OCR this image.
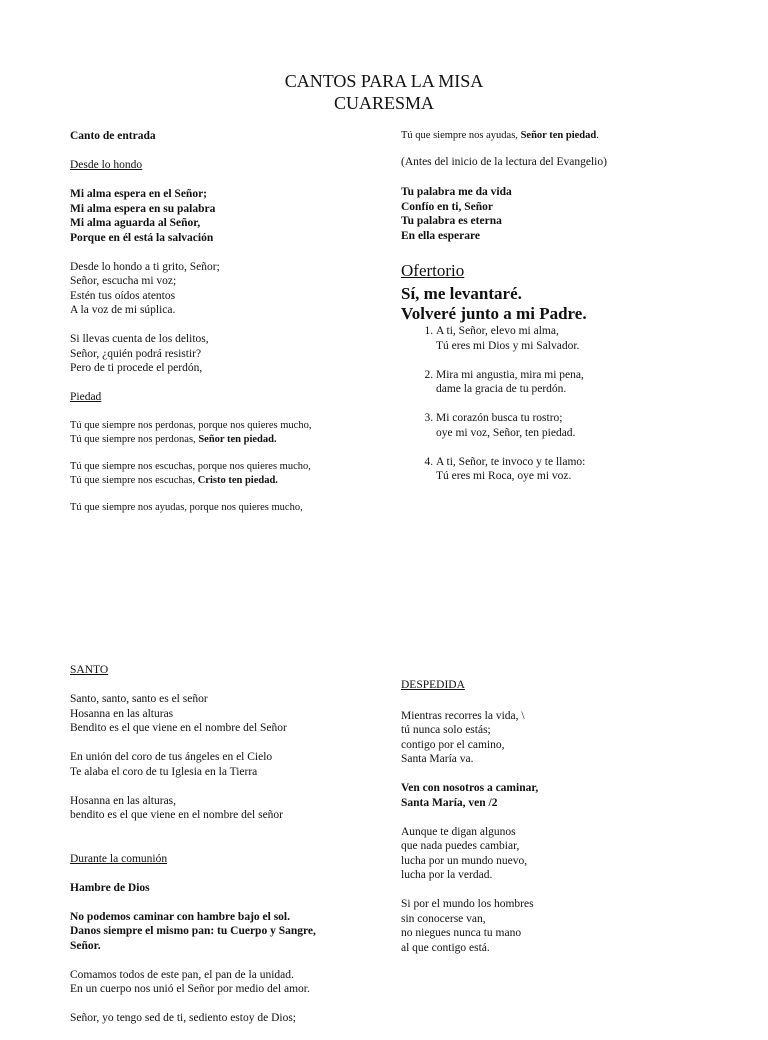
CANTOS PARA LA MISA
CUARESMA

Canto de entrada

Desde lo hondo

Mi alma espera en el Señor;
Mi alma espera en su palabra
Mi alma aguarda al Señor,
Porque en él está la salvación

Desde lo hondo a ti grito, Señor;
Señor, escucha mi voz;
Estén tus oídos atentos
A la voz de mi súplica.

Si llevas cuenta de los delitos,
Señor, ¿quién podrá resistir?
Pero de ti procede el perdón,

Piedad

Tú que siempre nos perdonas, porque nos quieres mucho,
Tú que siempre nos perdonas, Señor ten piedad.

Tú que siempre nos escuchas, porque nos quieres mucho,
Tú que siempre nos escuchas, Cristo ten piedad.

Tú que siempre nos ayudas, porque nos quieres mucho,

Tú que siempre nos ayudas, Señor ten piedad.

(Antes del inicio de la lectura del Evangelio)

Tu palabra me da vida
Confío en ti, Señor
Tu palabra es eterna
En ella esperare

Ofertorio
Sí, me levantaré.
Volveré junto a mi Padre.
1. A ti, Señor, elevo mi alma,
Tú eres mi Dios y mi Salvador.
2. Mira mi angustia, mira mi pena,
dame la gracia de tu perdón.
3. Mi corazón busca tu rostro;
oye mi voz, Señor, ten piedad.
4. A ti, Señor, te invoco y te llamo:
Tú eres mi Roca, oye mi voz.

SANTO

Santo, santo, santo es el señor
Hosanna en las alturas
Bendito es el que viene en el nombre del Señor

En unión del coro de tus ángeles en el Cielo
Te alaba el coro de tu Iglesia en la Tierra

Hosanna en las alturas,
bendito es el que viene en el nombre del señor

Durante la comunión

Hambre de Dios

No podemos caminar con hambre bajo el sol.
Danos siempre el mismo pan: tu Cuerpo y Sangre,
Señor.

Comamos todos de este pan, el pan de la unidad.
En un cuerpo nos unió el Señor por medio del amor.

Señor, yo tengo sed de ti, sediento estoy de Dios;

DESPEDIDA

Mientras recorres la vida, \
tú nunca solo estás;
contigo por el camino,
Santa María va.

Ven con nosotros a caminar,
Santa María, ven /2

Aunque te digan algunos
que nada puedes cambiar,
lucha por un mundo nuevo,
lucha por la verdad.

Si por el mundo los hombres
sin conocerse van,
no niegues nunca tu mano
al que contigo está.
